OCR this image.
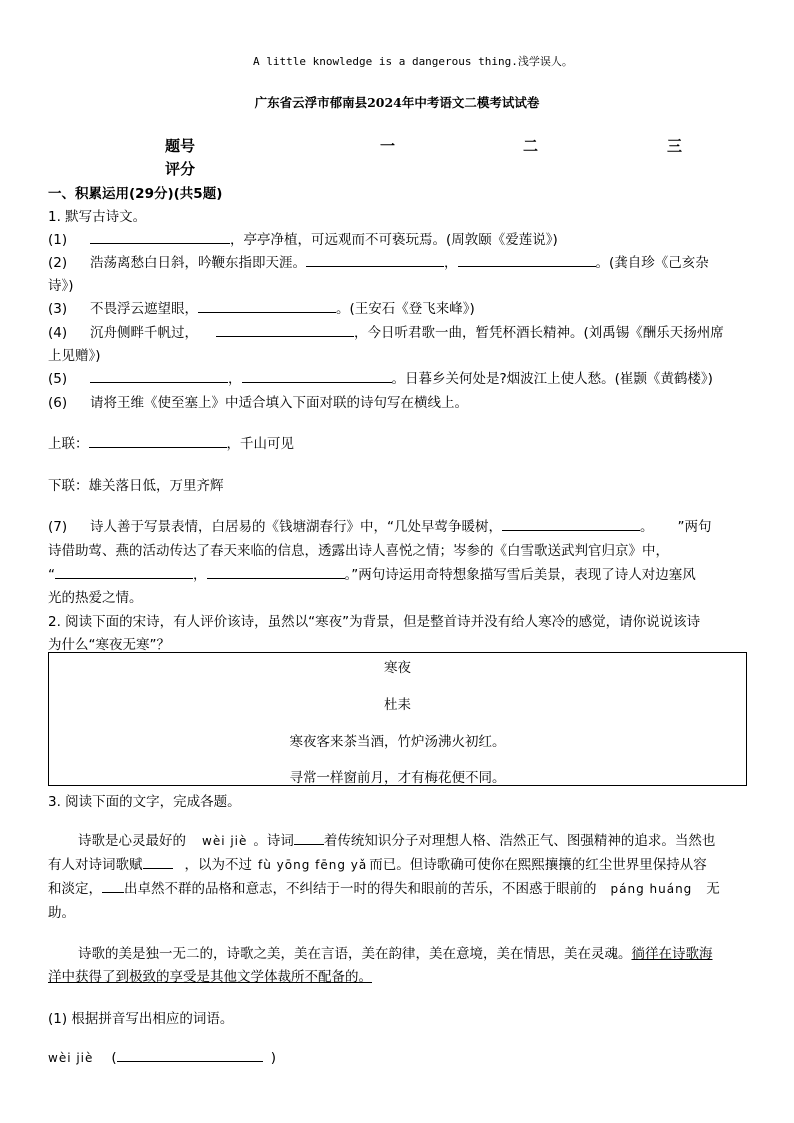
A little knowledge is a dangerous thing.浅学误人。
广东省云浮市郁南县2024年中考语文二模考试试卷
题号	一	二	三
评分
一、积累运用(29分)(共5题)
1. 默写古诗文。
(1)	，亭亭净植，可远观而不可亵玩焉。(周敦颐《爱莲说》)
(2) 浩荡离愁白日斜，吟鞭东指即天涯。	，	。(龚自珍《己亥杂
诗》)
(3) 不畏浮云遮望眼，	。(王安石《登飞来峰》)
(4) 沉舟侧畔千帆过，	，今日听君歌一曲，暂凭杯酒长精神。(刘禹锡《酬乐天扬州席
上见赠》)
(5)	，	。日暮乡关何处是?烟波江上使人愁。(崔颢《黄鹤楼》)
(6) 请将王维《使至塞上》中适合填入下面对联的诗句写在横线上。
上联：	，千山可见
下联：雄关落日低，万里齐辉
(7) 诗人善于写景表情，白居易的《钱塘湖春行》中，“几处早莺争暖树，	。 ”两句
诗借助莺、燕的活动传达了春天来临的信息，透露出诗人喜悦之情；岑参的《白雪歌送武判官归京》中，
“	，	。”两句诗运用奇特想象描写雪后美景，表现了诗人对边塞风
光的热爱之情。
2. 阅读下面的宋诗，有人评价该诗，虽然以“寒夜”为背景，但是整首诗并没有给人寒冷的感觉，请你说说该诗
为什么“寒夜无寒”？
寒夜
杜耒
寒夜客来茶当酒，竹炉汤沸火初红。
寻常一样窗前月，才有梅花便不同。
3. 阅读下面的文字，完成各题。
诗歌是心灵最好的 wèi jiè 。诗词 着传统知识分子对理想人格、浩然正气、图强精神的追求。当然也
有人对诗词歌赋	，以为不过 fù yōng fēng yǎ 而已。但诗歌确可使你在熙熙攘攘的红尘世界里保持从容
和淡定， 出卓然不群的品格和意志，不纠结于一时的得失和眼前的苦乐，不困惑于眼前的 páng huáng 无
助。
诗歌的美是独一无二的，诗歌之美，美在言语，美在韵律，美在意境，美在情思，美在灵魂。徜徉在诗歌海
洋中获得了到极致的享受是其他文学体裁所不配备的。
(1) 根据拼音写出相应的词语。
wèi jiè (	)
